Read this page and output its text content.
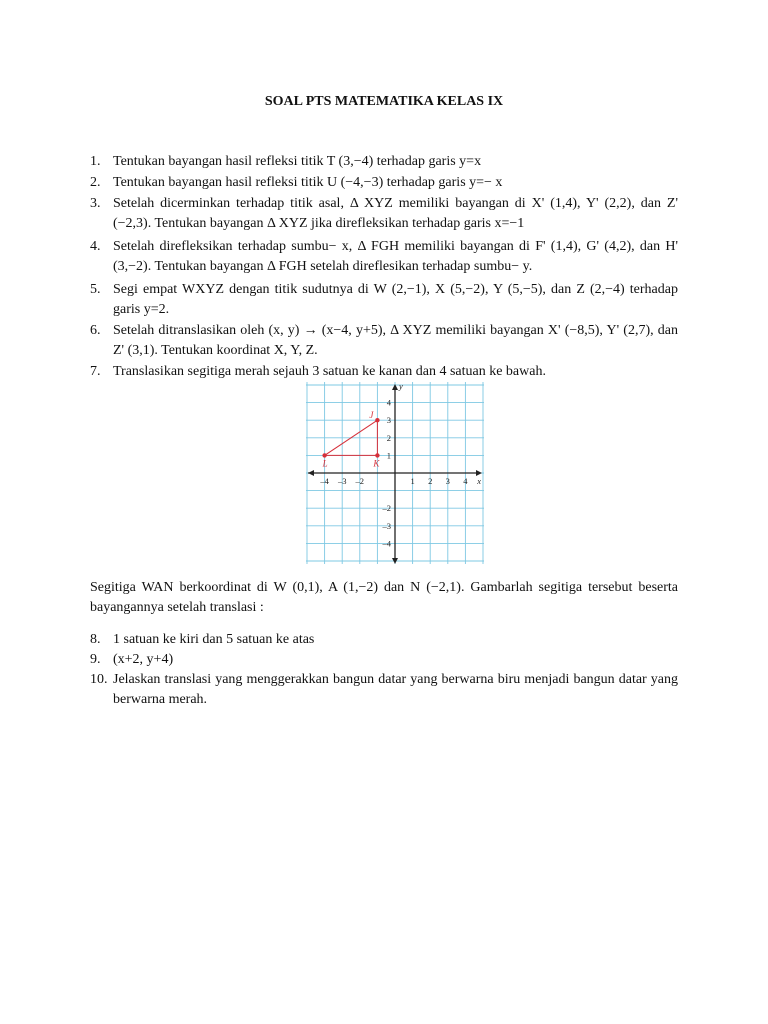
SOAL PTS MATEMATIKA KELAS IX
1. Tentukan bayangan hasil refleksi titik T (3,−4) terhadap garis y=x
2. Tentukan bayangan hasil refleksi titik U (−4,−3) terhadap garis y=− x
3. Setelah dicerminkan terhadap titik asal, Δ XYZ memiliki bayangan di X' (1,4), Y' (2,2), dan Z' (−2,3). Tentukan bayangan Δ XYZ jika direfleksikan terhadap garis x=−1
4. Setelah direfleksikan terhadap sumbu− x, Δ FGH memiliki bayangan di F' (1,4), G' (4,2), dan H' (3,−2). Tentukan bayangan Δ FGH setelah direflesikan terhadap sumbu− y.
5. Segi empat WXYZ dengan titik sudutnya di W (2,−1), X (5,−2), Y (5,−5), dan Z (2,−4) terhadap garis y=2.
6. Setelah ditranslasikan oleh (x, y) → (x−4, y+5), Δ XYZ memiliki bayangan X' (−8,5), Y' (2,7), dan Z' (3,1). Tentukan koordinat X, Y, Z.
7. Translasikan segitiga merah sejauh 3 satuan ke kanan dan 4 satuan ke bawah.
–4 –3 –2	1 2 3 4
4
3
2
1
–2
–3
–4
x
y
J
L	K
Segitiga WAN berkoordinat di W (0,1), A (1,−2) dan N (−2,1). Gambarlah segitiga tersebut beserta bayangannya setelah translasi :
8. 1 satuan ke kiri dan 5 satuan ke atas
9. (x+2, y+4)
10. Jelaskan translasi yang menggerakkan bangun datar yang berwarna biru menjadi bangun datar yang berwarna merah.
